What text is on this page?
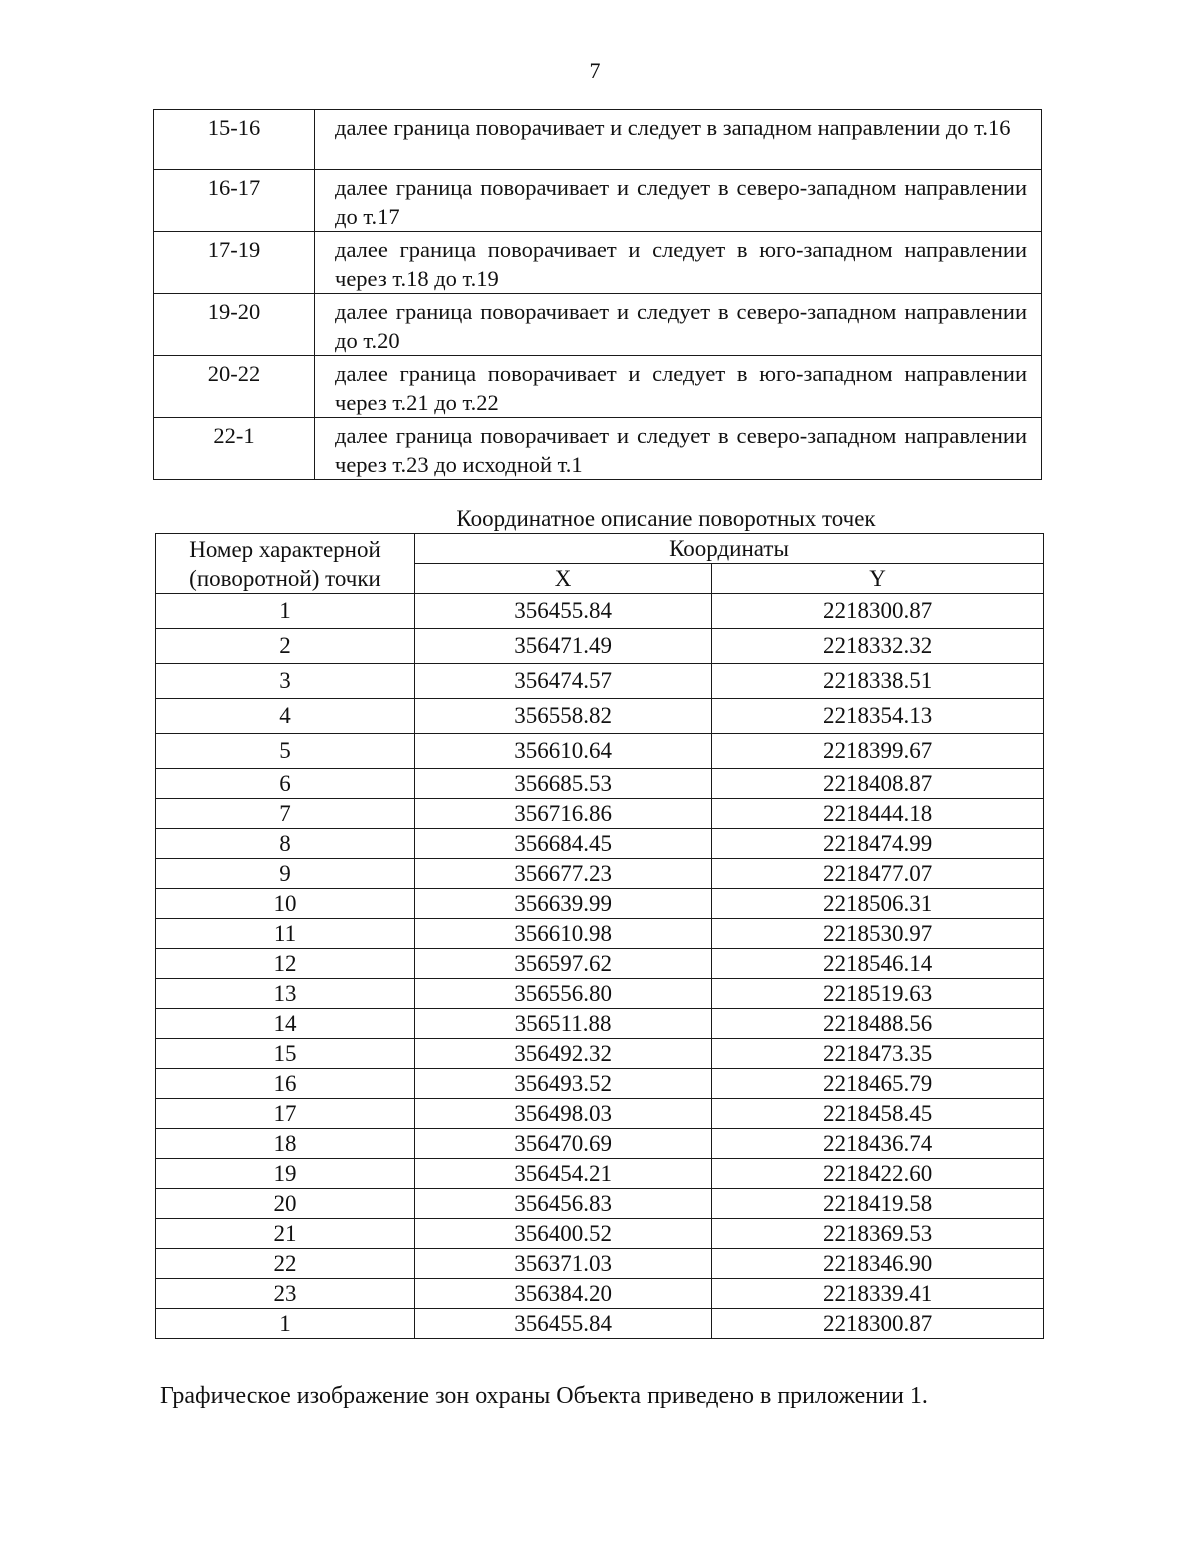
7
15-16	далее граница поворачивает и следует в западном направлении до т.16
16-17	далее граница поворачивает и следует в северо-западном направлении до т.17
17-19	далее граница поворачивает и следует в юго-западном направлении через т.18 до т.19
19-20	далее граница поворачивает и следует в северо-западном направлении до т.20
20-22	далее граница поворачивает и следует в юго-западном направлении через т.21 до т.22
22-1	далее граница поворачивает и следует в северо-западном направлении через т.23 до исходной т.1
Координатное описание поворотных точек
Номер характерной (поворотной) точки	Координаты	
	X	Y
1	356455.84	2218300.87
2	356471.49	2218332.32
3	356474.57	2218338.51
4	356558.82	2218354.13
5	356610.64	2218399.67
6	356685.53	2218408.87
7	356716.86	2218444.18
8	356684.45	2218474.99
9	356677.23	2218477.07
10	356639.99	2218506.31
11	356610.98	2218530.97
12	356597.62	2218546.14
13	356556.80	2218519.63
14	356511.88	2218488.56
15	356492.32	2218473.35
16	356493.52	2218465.79
17	356498.03	2218458.45
18	356470.69	2218436.74
19	356454.21	2218422.60
20	356456.83	2218419.58
21	356400.52	2218369.53
22	356371.03	2218346.90
23	356384.20	2218339.41
1	356455.84	2218300.87
Графическое изображение зон охраны Объекта приведено в приложении 1.
